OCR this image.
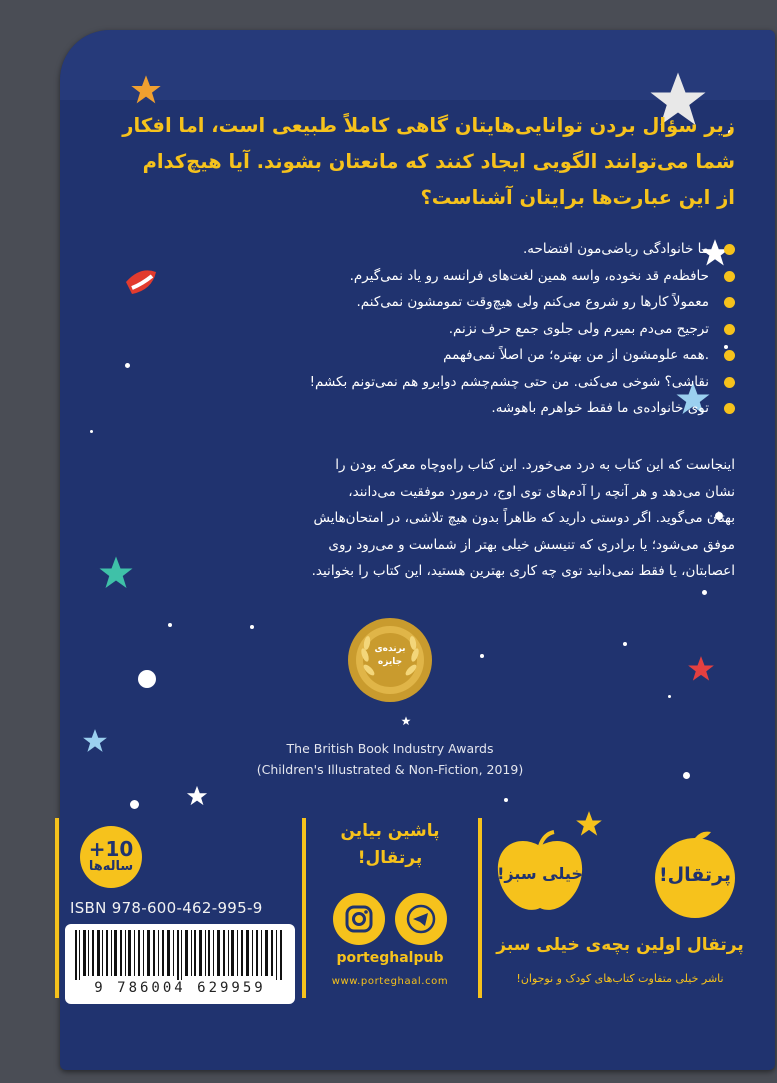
زیر سؤال بردن توانایی‌هایتان گاهی کاملاً طبیعی است، اما افکار

شما می‌توانند الگویی ایجاد کنند که مانعتان بشوند. آیا هیچ‌کدام

از این عبارت‌ها برایتان آشناست؟

ما خانوادگی ریاضی‌مون افتضاحه.
حافظه‌م قد نخوده، واسه همین لغت‌های فرانسه رو یاد نمی‌گیرم.
معمولاً کارها رو شروع می‌کنم ولی هیچ‌وقت تمومشون نمی‌کنم.
ترجیح می‌دم بمیرم ولی جلوی جمع حرف نزنم.
.همه علومشون از من بهتره؛ من اصلاً نمی‌فهمم
نقاشی؟ شوخی می‌کنی. من حتی چشم‌چشم دوابرو هم نمی‌تونم بکشم!
توی خانواده‌ی ما فقط خواهرم باهوشه.

اینجاست که این کتاب به درد می‌خورد. این کتاب راه‌وچاه معرکه بودن را

نشان می‌دهد و هر آنچه را آدم‌های توی اوج، درمورد موفقیت می‌دانند،

بهتان می‌گوید. اگر دوستی دارید که ظاهراً بدون هیچ تلاشی، در امتحان‌هایش

موفق می‌شود؛ یا برادری که تنیسش خیلی بهتر از شماست و می‌رود روی

اعصابتان، یا فقط نمی‌دانید توی چه کاری بهترین هستید، این کتاب را بخوانید.

برنده‌ی
جایزه

The British Book Industry Awards

(Children's Illustrated & Non-Fiction, 2019)

+10
ساله‌ها
ISBN 978-600-462-995-9
9 786004 629959

پاشین بیاین

پرتقال!

porteghalpub
www.porteghaal.com
خیلی سبز!	پرتقال!
پرتقال اولین بچه‌ی خیلی سبز
ناشر خیلی متفاوت کتاب‌های کودک و نوجوان!
